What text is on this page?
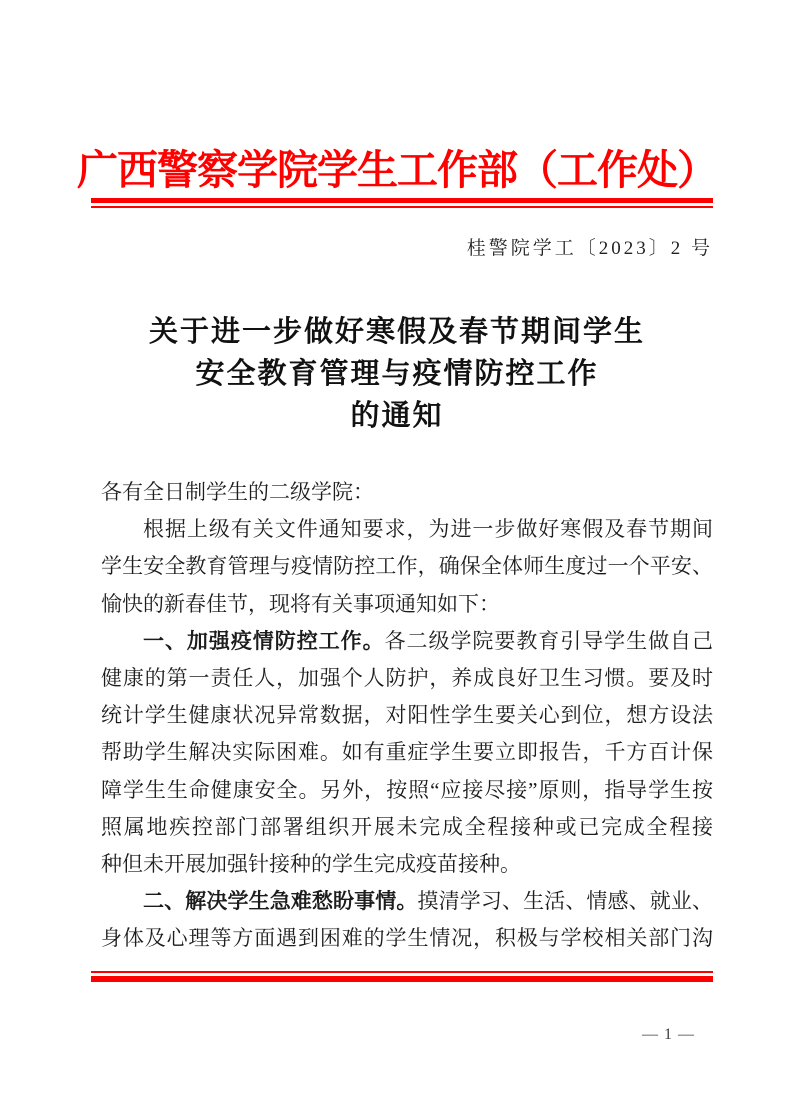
广西警察学院学生工作部（工作处）
桂警院学工〔2023〕2 号
关于进一步做好寒假及春节期间学生
安全教育管理与疫情防控工作
的通知
各有全日制学生的二级学院：
根据上级有关文件通知要求，为进一步做好寒假及春节期间
学生安全教育管理与疫情防控工作，确保全体师生度过一个平安、
愉快的新春佳节，现将有关事项通知如下：
一、加强疫情防控工作。各二级学院要教育引导学生做自己
健康的第一责任人，加强个人防护，养成良好卫生习惯。要及时
统计学生健康状况异常数据，对阳性学生要关心到位，想方设法
帮助学生解决实际困难。如有重症学生要立即报告，千方百计保
障学生生命健康安全。另外，按照“应接尽接”原则，指导学生按
照属地疾控部门部署组织开展未完成全程接种或已完成全程接
种但未开展加强针接种的学生完成疫苗接种。
二、解决学生急难愁盼事情。摸清学习、生活、情感、就业、
身体及心理等方面遇到困难的学生情况，积极与学校相关部门沟
— 1 —
